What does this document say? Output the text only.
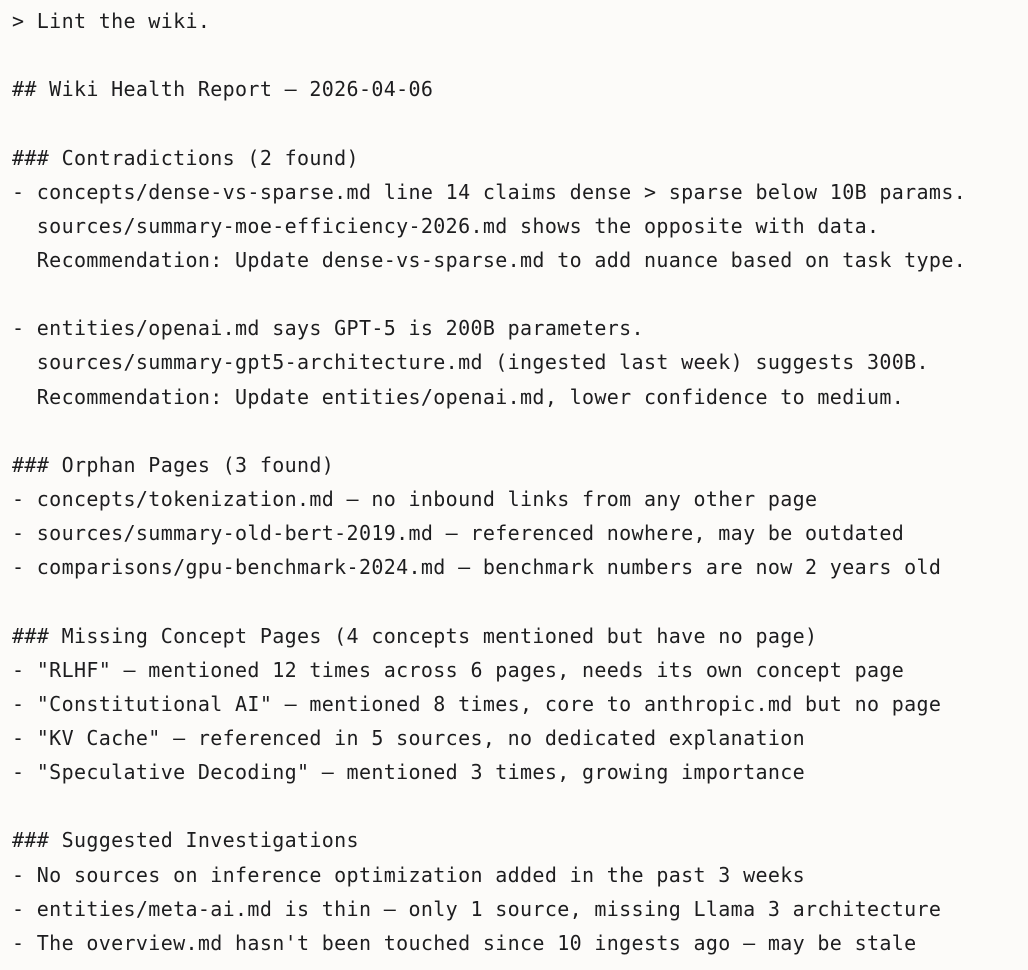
> Lint the wiki.
## Wiki Health Report — 2026-04-06
### Contradictions (2 found)
- concepts/dense-vs-sparse.md line 14 claims dense > sparse below 10B params.
sources/summary-moe-efficiency-2026.md shows the opposite with data.
Recommendation: Update dense-vs-sparse.md to add nuance based on task type.
- entities/openai.md says GPT-5 is 200B parameters.
sources/summary-gpt5-architecture.md (ingested last week) suggests 300B.
Recommendation: Update entities/openai.md, lower confidence to medium.
### Orphan Pages (3 found)
- concepts/tokenization.md — no inbound links from any other page
- sources/summary-old-bert-2019.md — referenced nowhere, may be outdated
- comparisons/gpu-benchmark-2024.md — benchmark numbers are now 2 years old
### Missing Concept Pages (4 concepts mentioned but have no page)
- "RLHF" — mentioned 12 times across 6 pages, needs its own concept page
- "Constitutional AI" — mentioned 8 times, core to anthropic.md but no page
- "KV Cache" — referenced in 5 sources, no dedicated explanation
- "Speculative Decoding" — mentioned 3 times, growing importance
### Suggested Investigations
- No sources on inference optimization added in the past 3 weeks
- entities/meta-ai.md is thin — only 1 source, missing Llama 3 architecture
- The overview.md hasn't been touched since 10 ingests ago — may be stale
